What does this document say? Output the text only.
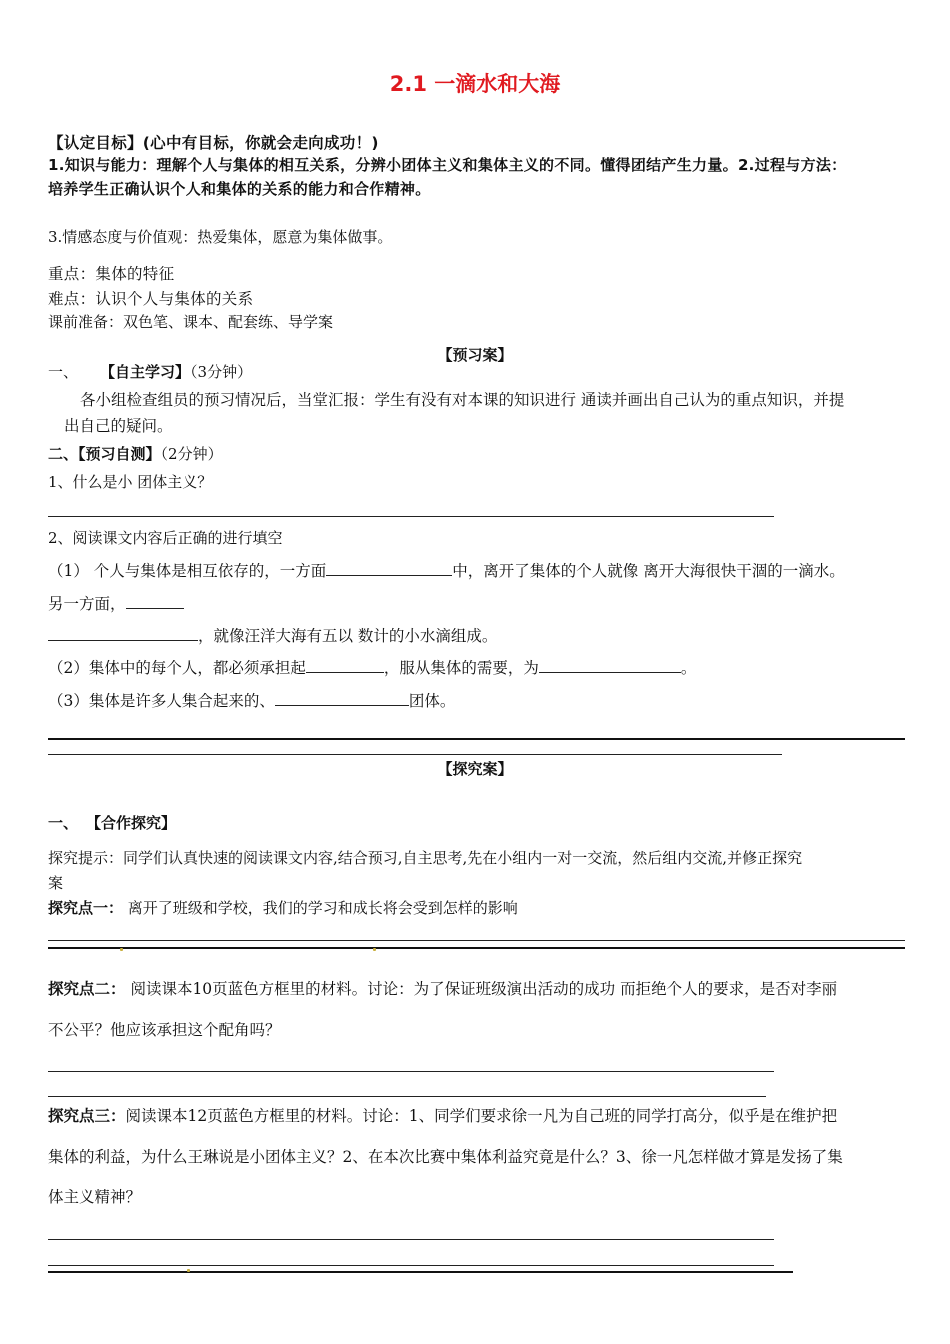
2.1 一滴水和大海
【认定目标】(心中有目标，你就会走向成功！)
1.知识与能力：理解个人与集体的相互关系，分辨小团体主义和集体主义的不同。懂得团结产生力量。2.过程与方法：
培养学生正确认识个人和集体的关系的能力和合作精神。
3.情感态度与价值观：热爱集体，愿意为集体做事。
重点：集体的特征
难点：认识个人与集体的关系
课前准备：双色笔、课本、配套练、导学案
【预习案】
一、 【自主学习】（3分钟）
各小组检查组员的预习情况后，当堂汇报：学生有没有对本课的知识进行 通读并画出自己认为的重点知识，并提
出自己的疑问。
二、【预习自测】（2分钟）
1、什么是小 团体主义？
2、阅读课文内容后正确的进行填空
（1） 个人与集体是相互依存的，一方面	中，离开了集体的个人就像 离开大海很快干涸的一滴水。
另一方面，
，就像汪洋大海有五以 数计的小水滴组成。
（2）集体中的每个人，都必须承担起	，服从集体的需要，为	。
（3）集体是许多人集合起来的、	团体。
【探究案】
一、 【合作探究】
探究提示：同学们认真快速的阅读课文内容,结合预习,自主思考,先在小组内一对一交流，然后组内交流,并修正探究
案
探究点一： 离开了班级和学校，我们的学习和成长将会受到怎样的影响
探究点二： 阅读课本10页蓝色方框里的材料。讨论：为了保证班级演出活动的成功 而拒绝个人的要求，是否对李丽
不公平？他应该承担这个配角吗？
探究点三：阅读课本12页蓝色方框里的材料。讨论：1、同学们要求徐一凡为自己班的同学打高分，似乎是在维护把
集体的利益，为什么王琳说是小团体主义？2、在本次比赛中集体利益究竟是什么？3、徐一凡怎样做才算是发扬了集
体主义精神？
